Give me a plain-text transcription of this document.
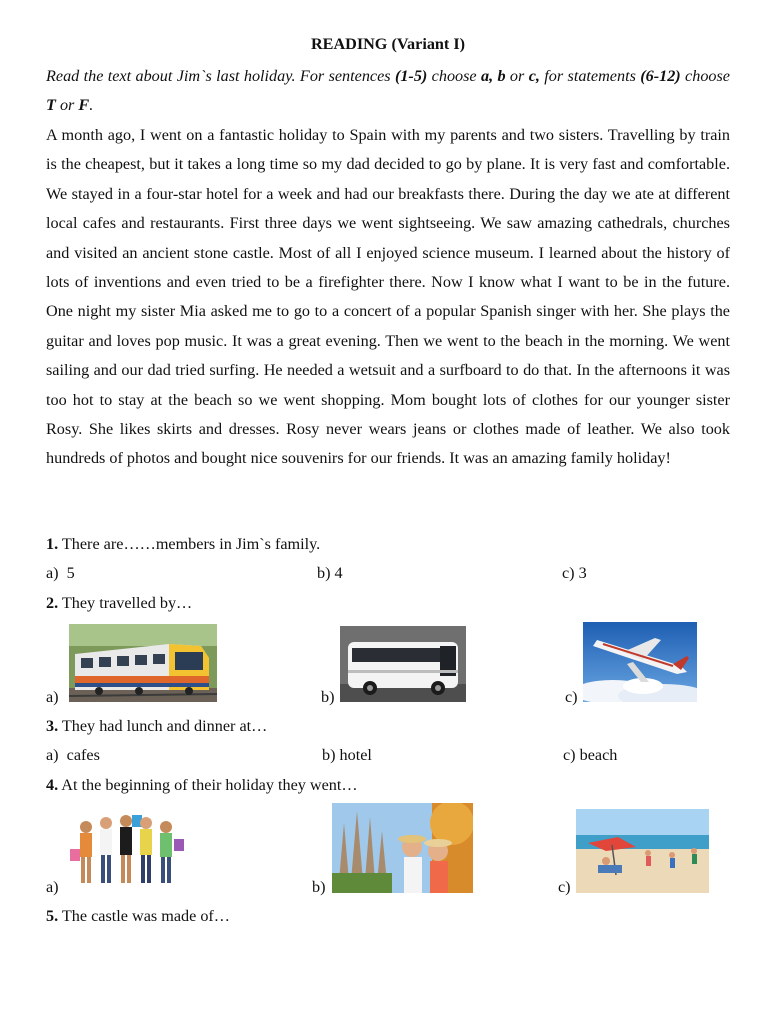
READING (Variant I)
Read the text about Jim`s last holiday. For sentences (1-5) choose a, b or c, for statements (6-12) choose T or F.
A month ago, I went on a fantastic holiday to Spain with my parents and two sisters. Travelling by train is the cheapest, but it takes a long time so my dad decided to go by plane. It is very fast and comfortable. We stayed in a four-star hotel for a week and had our breakfasts there. During the day we ate at different local cafes and restaurants. First three days we went sightseeing. We saw amazing cathedrals, churches and visited an ancient stone castle. Most of all I enjoyed science museum. I learned about the history of lots of inventions and even tried to be a firefighter there. Now I know what I want to be in the future. One night my sister Mia asked me to go to a concert of a popular Spanish singer with her. She plays the guitar and loves pop music. It was a great evening. Then we went to the beach in the morning. We went sailing and our dad tried surfing. He needed a wetsuit and a surfboard to do that. In the afternoons it was too hot to stay at the beach so we went shopping. Mom bought lots of clothes for our younger sister Rosy. She likes skirts and dresses. Rosy never wears jeans or clothes made of leather. We also took hundreds of photos and bought nice souvenirs for our friends. It was an amazing family holiday!
1. There are……members in Jim`s family.
a)  5	b) 4	c) 3
2. They travelled by…
a)	b)	c)
3. They had lunch and dinner at…
a)  cafes	b) hotel	c) beach
4. At the beginning of their holiday they went…
a)	b)	c)
5. The castle was made of…
